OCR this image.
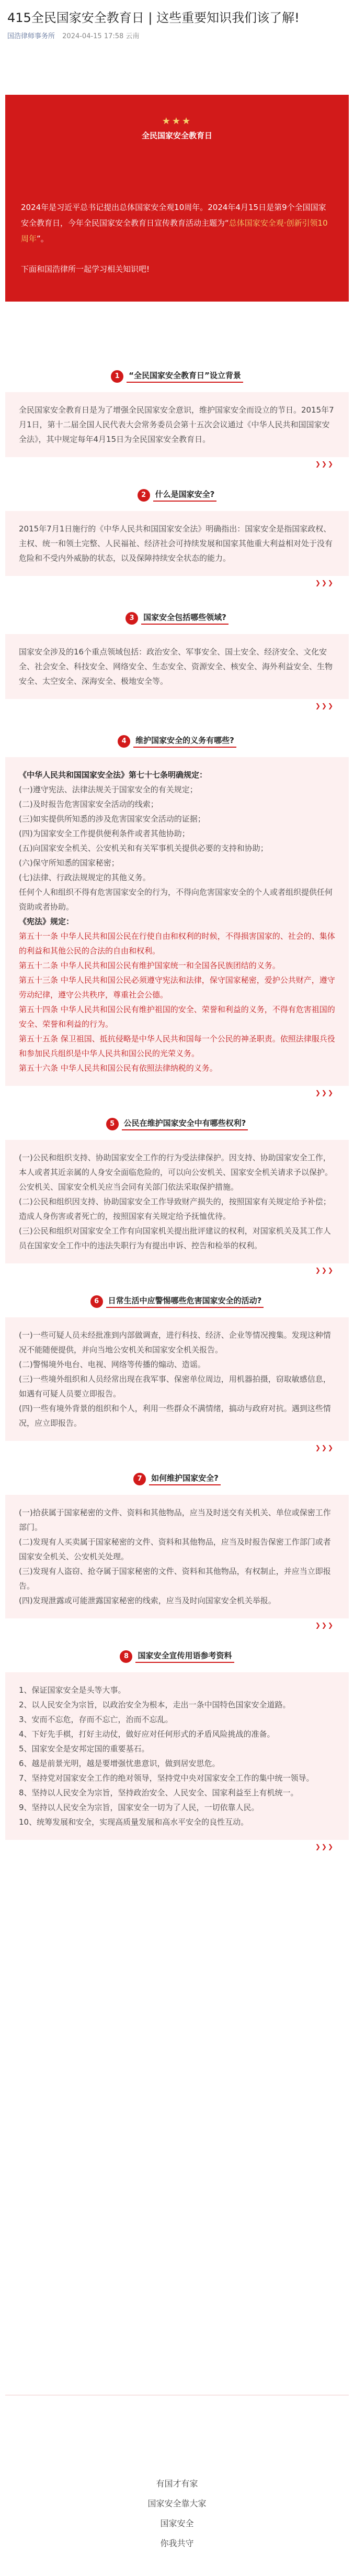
415全民国家安全教育日 | 这些重要知识我们该了解!
国浩律师事务所 2024-04-15 17:58 云南
★★★
全民国家安全教育日

2024年是习近平总书记提出总体国家安全观10周年。2024年4月15日是第9个全国国家安全教育日，今年全民国家安全教育日宣传教育活动主题为“总体国家安全观·创新引领10周年”。

下面和国浩律所一起学习相关知识吧!

1	“全民国家安全教育日”设立背景
全民国家安全教育日是为了增强全民国家安全意识，维护国家安全而设立的节日。2015年7月1日，第十二届全国人民代表大会常务委员会第十五次会议通过《中华人民共和国国家安全法》，其中规定每年4月15日为全民国家安全教育日。
❯❯❯
2	什么是国家安全?
2015年7月1日施行的《中华人民共和国国家安全法》明确指出：国家安全是指国家政权、主权、统一和领土完整、人民福祉、经济社会可持续发展和国家其他重大利益相对处于没有危险和不受内外威胁的状态，以及保障持续安全状态的能力。
❯❯❯
3	国家安全包括哪些领域?
国家安全涉及的16个重点领域包括：政治安全、军事安全、国土安全、经济安全、文化安全、社会安全、科技安全、网络安全、生态安全、资源安全、核安全、海外利益安全、生物安全、太空安全、深海安全、极地安全等。
❯❯❯
4	维护国家安全的义务有哪些?
《中华人民共和国国家安全法》第七十七条明确规定：
(一)遵守宪法、法律法规关于国家安全的有关规定；
(二)及时报告危害国家安全活动的线索；
(三)如实提供所知悉的涉及危害国家安全活动的证据；
(四)为国家安全工作提供便利条件或者其他协助；
(五)向国家安全机关、公安机关和有关军事机关提供必要的支持和协助；
(六)保守所知悉的国家秘密；
(七)法律、行政法规规定的其他义务。
任何个人和组织不得有危害国家安全的行为，不得向危害国家安全的个人或者组织提供任何资助或者协助。
《宪法》规定：
第五十一条 中华人民共和国公民在行使自由和权利的时候，不得损害国家的、社会的、集体的利益和其他公民的合法的自由和权利。
第五十二条 中华人民共和国公民有维护国家统一和全国各民族团结的义务。
第五十三条 中华人民共和国公民必须遵守宪法和法律，保守国家秘密，爱护公共财产，遵守劳动纪律，遵守公共秩序，尊重社会公德。
第五十四条 中华人民共和国公民有维护祖国的安全、荣誉和利益的义务，不得有危害祖国的安全、荣誉和利益的行为。
第五十五条 保卫祖国、抵抗侵略是中华人民共和国每一个公民的神圣职责。依照法律服兵役和参加民兵组织是中华人民共和国公民的光荣义务。
第五十六条 中华人民共和国公民有依照法律纳税的义务。
❯❯❯
5	公民在维护国家安全中有哪些权利?
(一)公民和组织支持、协助国家安全工作的行为受法律保护。因支持、协助国家安全工作，本人或者其近亲属的人身安全面临危险的，可以向公安机关、国家安全机关请求予以保护。公安机关、国家安全机关应当会同有关部门依法采取保护措施。
(二)公民和组织因支持、协助国家安全工作导致财产损失的，按照国家有关规定给予补偿；造成人身伤害或者死亡的，按照国家有关规定给予抚恤优待。
(三)公民和组织对国家安全工作有向国家机关提出批评建议的权利，对国家机关及其工作人员在国家安全工作中的违法失职行为有提出申诉、控告和检举的权利。
❯❯❯
6	日常生活中应警惕哪些危害国家安全的活动?
(一)一些可疑人员未经批准到内部做调查，进行科技、经济、企业等情况搜集。发现这种情况不能随便提供，并向当地公安机关和国家安全机关报告。
(二)警惕境外电台、电视、网络等传播的煽动、造谣。
(三)一些境外组织和人员经常出现在我军事、保密单位周边，用机器拍摄，窃取敏感信息，如遇有可疑人员要立即报告。
(四)一些有境外背景的组织和个人，利用一些群众不满情绪，搞动与政府对抗。遇到这些情况，应立即报告。
❯❯❯
7	如何维护国家安全?
(一)拾获属于国家秘密的文件、资料和其他物品，应当及时送交有关机关、单位或保密工作部门。
(二)发现有人买卖属于国家秘密的文件、资料和其他物品，应当及时报告保密工作部门或者国家安全机关、公安机关处理。
(三)发现有人盗窃、抢夺属于国家秘密的文件、资料和其他物品，有权制止，并应当立即报告。
(四)发现泄露或可能泄露国家秘密的线索，应当及时向国家安全机关举报。
❯❯❯
8	国家安全宣传用语参考资料
1、保证国家安全是头等大事。
2、以人民安全为宗旨，以政治安全为根本，走出一条中国特色国家安全道路。
3、安而不忘危，存而不忘亡，治而不忘乱。
4、下好先手棋，打好主动仗，做好应对任何形式的矛盾风险挑战的准备。
5、国家安全是安邦定国的重要基石。
6、越是前景光明，越是要增强忧患意识，做到居安思危。
7、坚持党对国家安全工作的绝对领导，坚持党中央对国家安全工作的集中统一领导。
8、坚持以人民安全为宗旨，坚持政治安全、人民安全、国家利益至上有机统一。
9、坚持以人民安全为宗旨，国家安全一切为了人民，一切依靠人民。
10、统筹发展和安全，实现高质量发展和高水平安全的良性互动。
❯❯❯
有国才有家
国家安全靠大家
国家安全
你我共守
